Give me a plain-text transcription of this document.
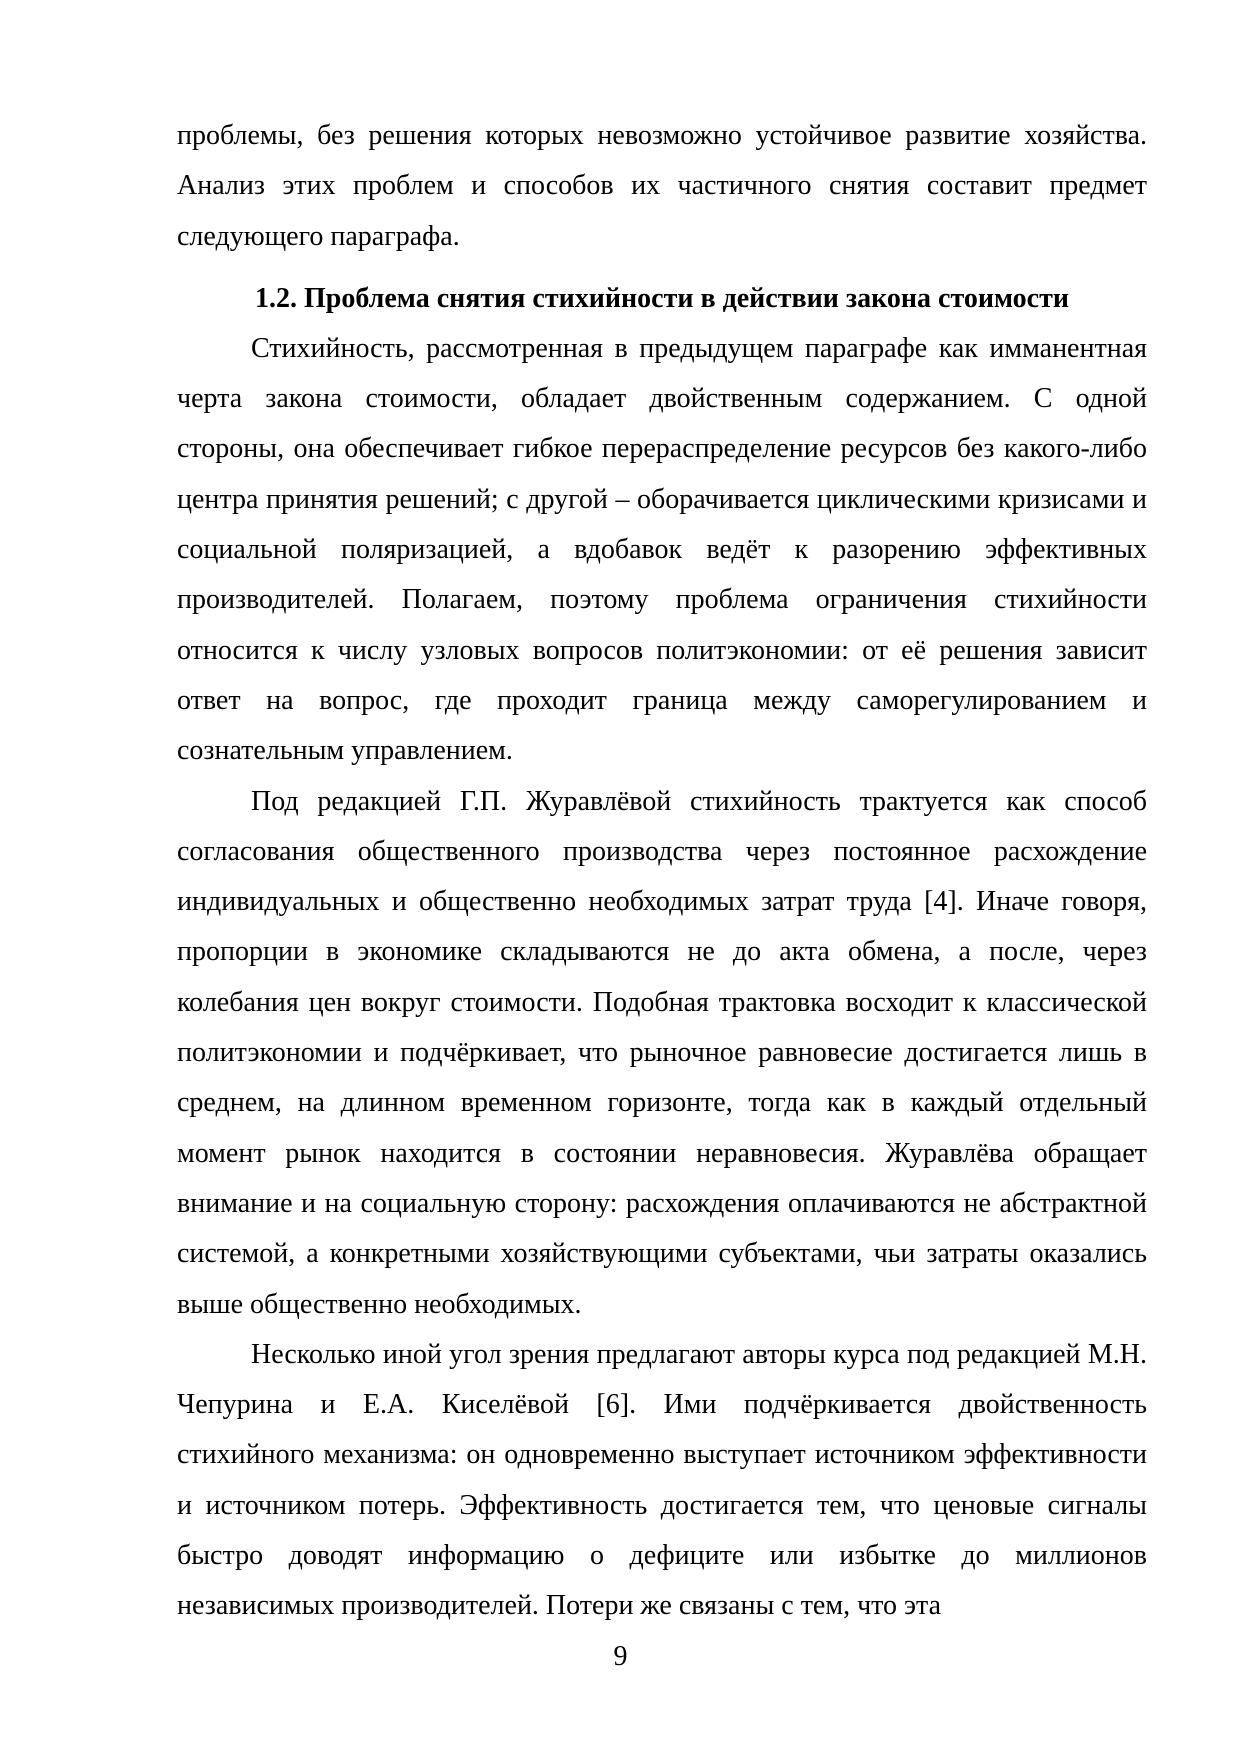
проблемы, без решения которых невозможно устойчивое развитие хозяйства. Анализ этих проблем и способов их частичного снятия составит предмет следующего параграфа.

1.2. Проблема снятия стихийности в действии закона стоимости

Стихийность, рассмотренная в предыдущем параграфе как имманентная черта закона стоимости, обладает двойственным содержанием. С одной стороны, она обеспечивает гибкое перераспределение ресурсов без какого-либо центра принятия решений; с другой – оборачивается циклическими кризисами и социальной поляризацией, а вдобавок ведёт к разорению эффективных производителей. Полагаем, поэтому проблема ограничения стихийности относится к числу узловых вопросов политэкономии: от её решения зависит ответ на вопрос, где проходит граница между саморегулированием и сознательным управлением.

Под редакцией Г.П. Журавлёвой стихийность трактуется как способ согласования общественного производства через постоянное расхождение индивидуальных и общественно необходимых затрат труда [4]. Иначе говоря, пропорции в экономике складываются не до акта обмена, а после, через колебания цен вокруг стоимости. Подобная трактовка восходит к классической политэкономии и подчёркивает, что рыночное равновесие достигается лишь в среднем, на длинном временном горизонте, тогда как в каждый отдельный момент рынок находится в состоянии неравновесия. Журавлёва обращает внимание и на социальную сторону: расхождения оплачиваются не абстрактной системой, а конкретными хозяйствующими субъектами, чьи затраты оказались выше общественно необходимых.

Несколько иной угол зрения предлагают авторы курса под редакцией М.Н. Чепурина и Е.А. Киселёвой [6]. Ими подчёркивается двойственность стихийного механизма: он одновременно выступает источником эффективности и источником потерь. Эффективность достигается тем, что ценовые сигналы быстро доводят информацию о дефиците или избытке до миллионов независимых производителей. Потери же связаны с тем, что эта

9
